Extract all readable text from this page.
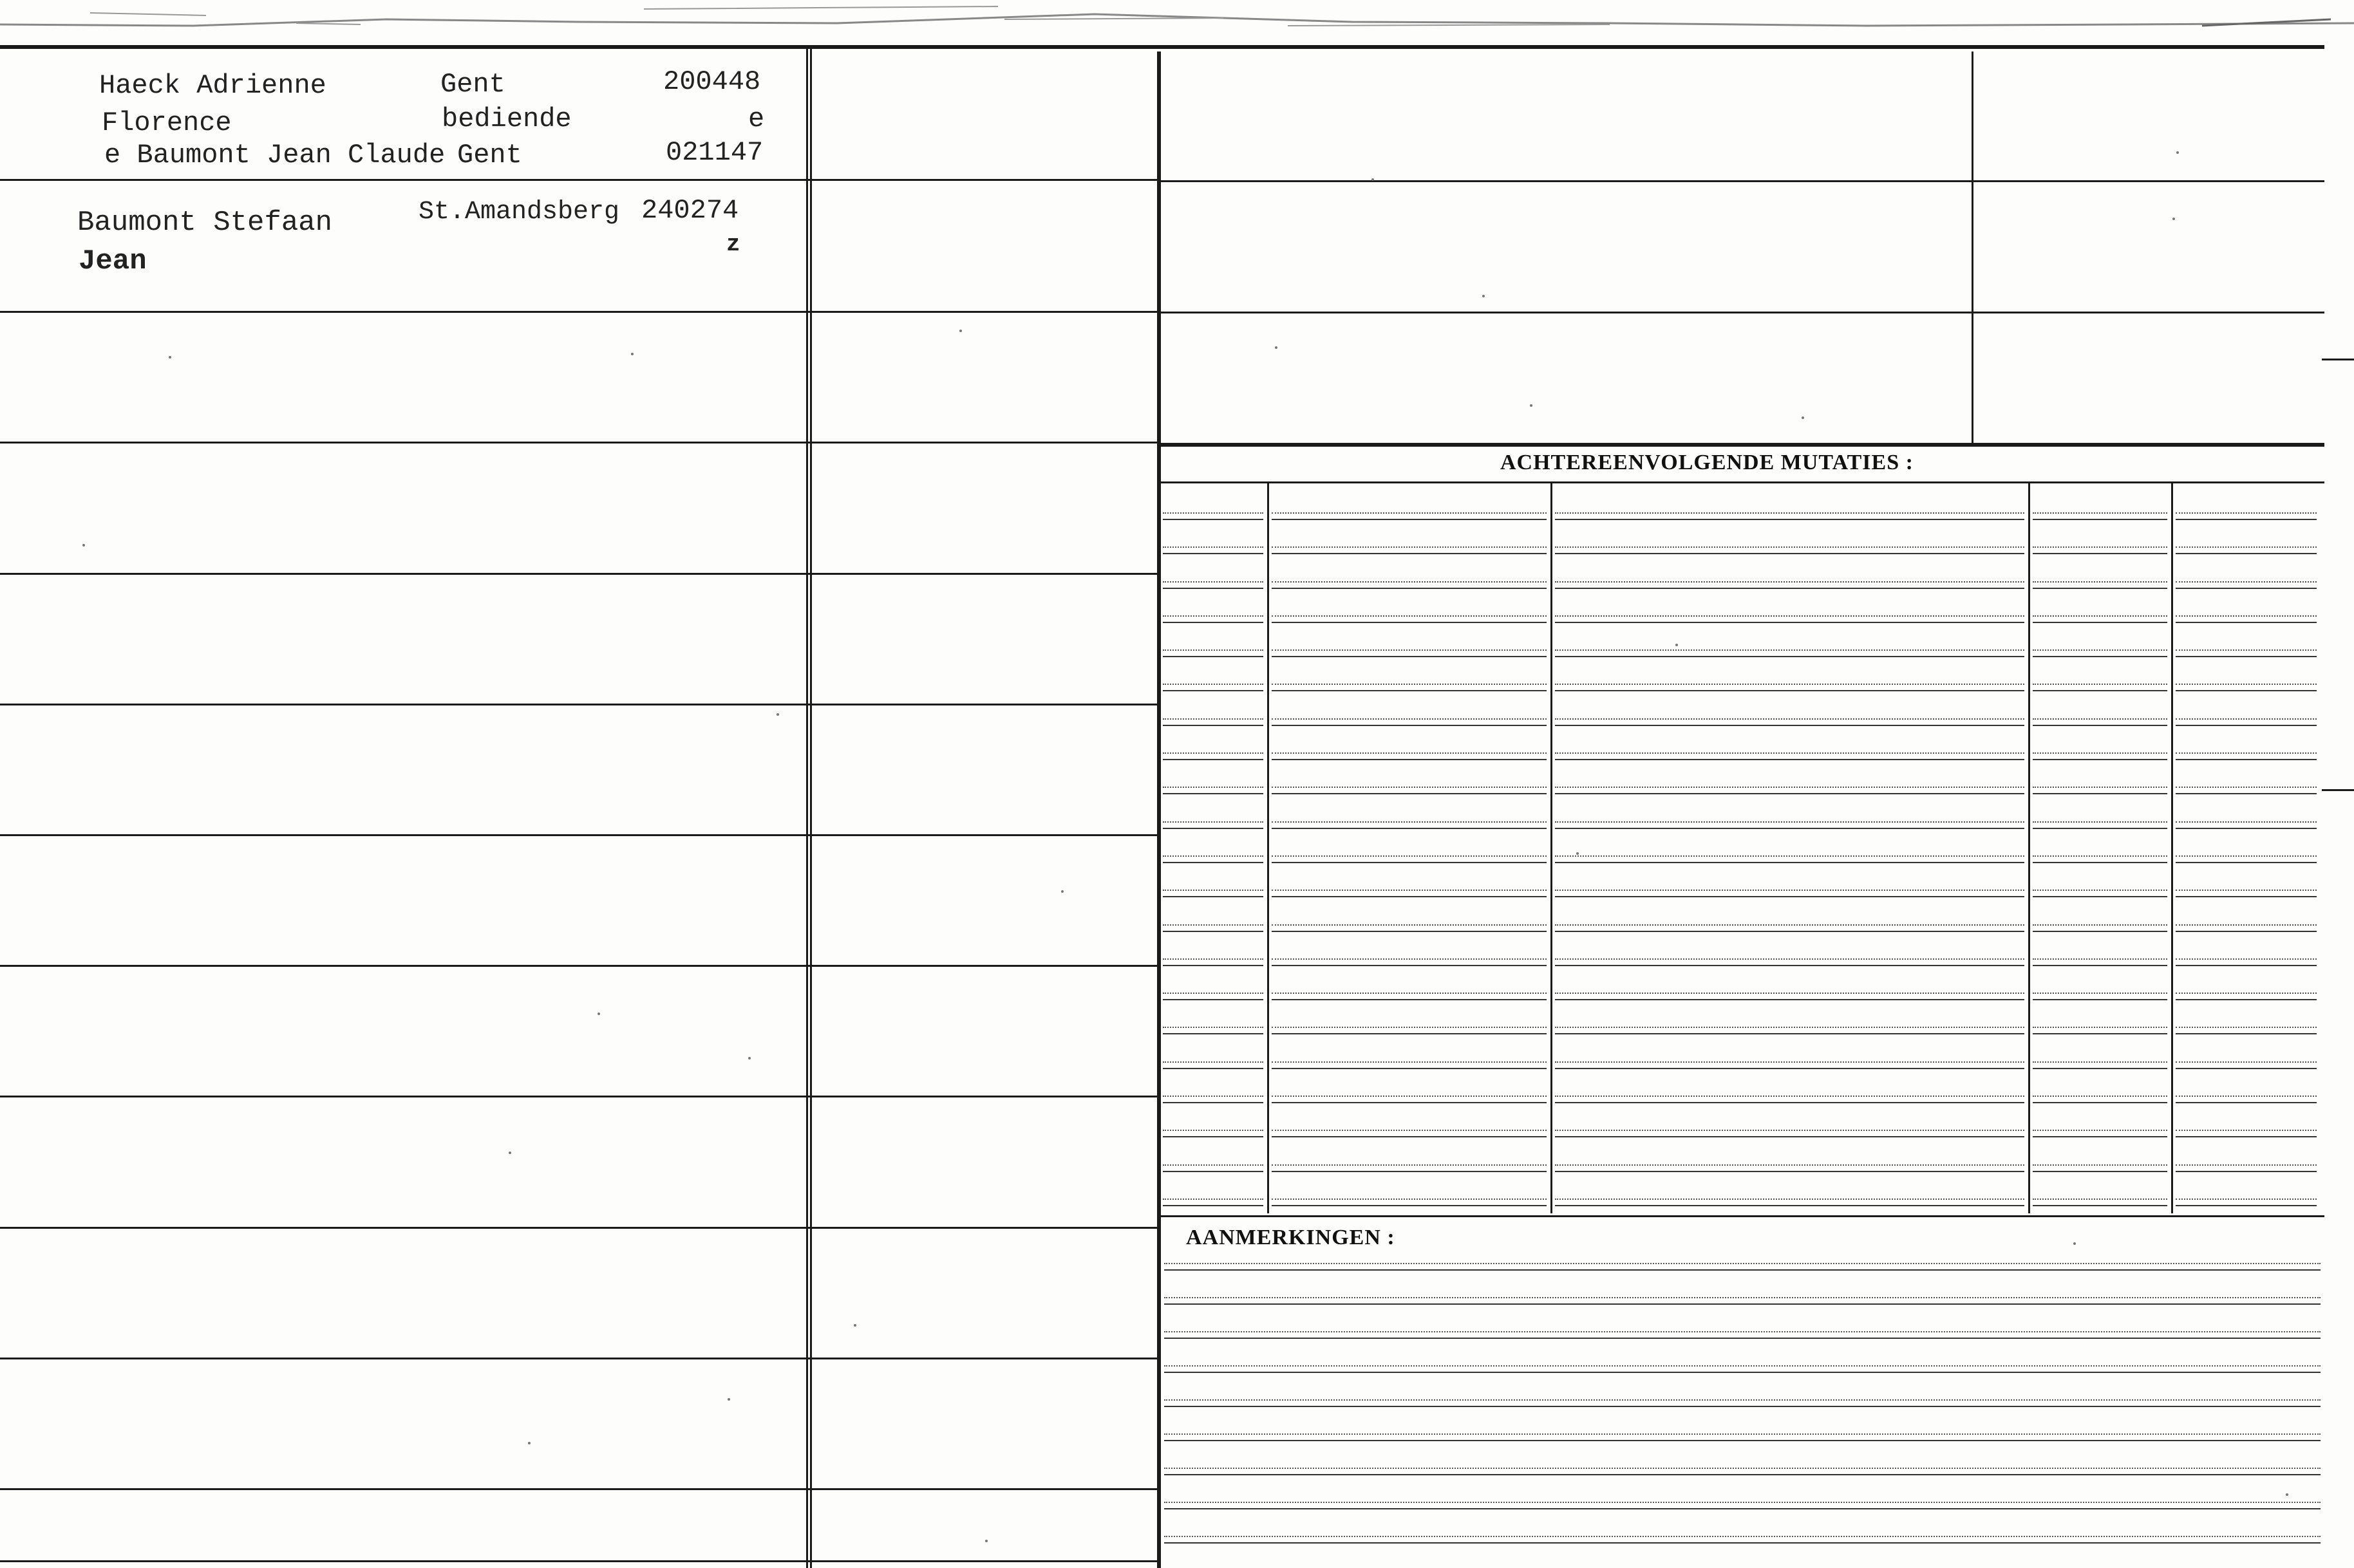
ACHTEREENVOLGENDE MUTATIES :
AANMERKINGEN :
Haeck Adrienne
Florence
e Baumont Jean Claude
Gent
bediende
Gent
200448
e
021147
Baumont Stefaan
Jean
St.Amandsberg 240274
z
